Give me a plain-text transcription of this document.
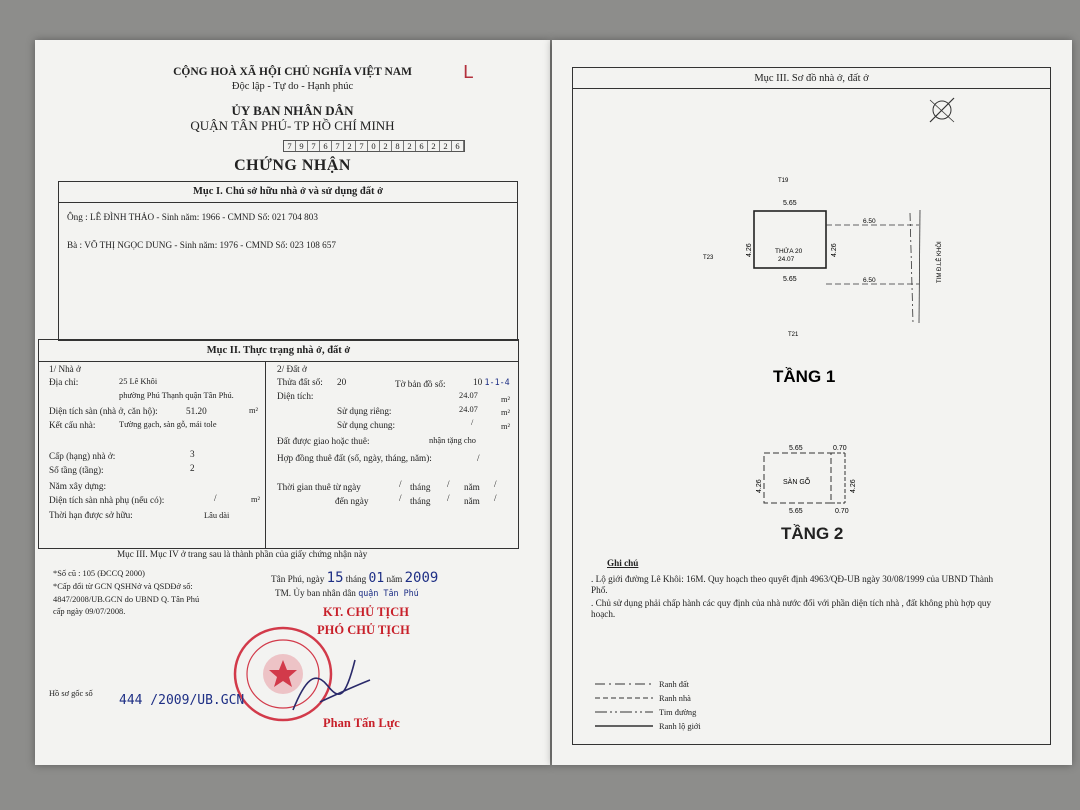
CỘNG HOÀ XÃ HỘI CHỦ NGHĨA VIỆT NAM
Độc lập - Tự do - Hạnh phúc
ỦY BAN NHÂN DÂN
QUẬN TÂN PHÚ- TP HỒ CHÍ MINH
7 9 7 6 7 2 7 0 2 8 2 6 2 2 6
CHỨNG NHẬN
Mục I. Chủ sở hữu nhà ở và sử dụng đất ở
Ông : LÊ ĐÌNH THẢO - Sinh năm: 1966 - CMND Số: 021 704 803
Bà : VÕ THỊ NGỌC DUNG - Sinh năm: 1976 - CMND Số: 023 108 657
Mục II. Thực trạng nhà ở, đất ở
1/ Nhà ở
Địa chỉ:	25 Lê Khôi
phường Phú Thạnh quận Tân Phú.
Diện tích sàn (nhà ở, căn hộ):	51.20	m²
Kết cấu nhà:	Tường gạch, sàn gỗ, mái tole
Cấp (hạng) nhà ở:	3
Số tầng (tầng):	2
Năm xây dựng:
Diện tích sàn nhà phụ (nếu có):	/	m²
Thời hạn được sở hữu:	Lâu dài
2/ Đất ở
Thửa đất số: 20	Tờ bản đồ số:	10 1-1-4
Diện tích:	24.07	m²
Sử dụng riêng:	24.07	m²
Sử dụng chung:	/	m²
Đất được giao hoặc thuê:	nhận tặng cho
Hợp đồng thuê đất (số, ngày, tháng, năm):	/
Thời gian thuê từ ngày	/ tháng / năm /
đến ngày	/ tháng / năm /
Mục III. Mục IV ở trang sau là thành phần của giấy chứng nhận này
*Số cũ : 105 (ĐCCQ 2000)
*Cấp đổi từ GCN QSHNở và QSDĐở số:
4847/2008/UB.GCN do UBND Q. Tân Phú
cấp ngày 09/07/2008.
Tân Phú, ngày 15 tháng 01 năm 2009
TM. Ủy ban nhân dân quận Tân Phú
KT. CHỦ TỊCH
PHÓ CHỦ TỊCH
Phan Tấn Lực
Hồ sơ gốc số 444 /2009/UB.GCN
ᒪ	Mục III. Sơ đồ nhà ở, đất ở
T19
T23
T21
5.65
5.65
4.26	4.26
6.50
6.50	TIM Đ.LÊ KHÔI
THỬA 20
24.07
TẦNG 1
5.65	0.70
5.65	0.70
4.26	4.26
SÀN GỖ
TẦNG 2
Ghi chú
. Lộ giới đường Lê Khôi: 16M. Quy hoạch theo quyết định 4963/QĐ-UB ngày 30/08/1999 của UBND Thành Phố.
. Chủ sử dụng phải chấp hành các quy định của nhà nước đối với phần diện tích nhà , đất không phù hợp quy hoạch.
Ranh đất
Ranh nhà
Tim đường
Ranh lộ giới
